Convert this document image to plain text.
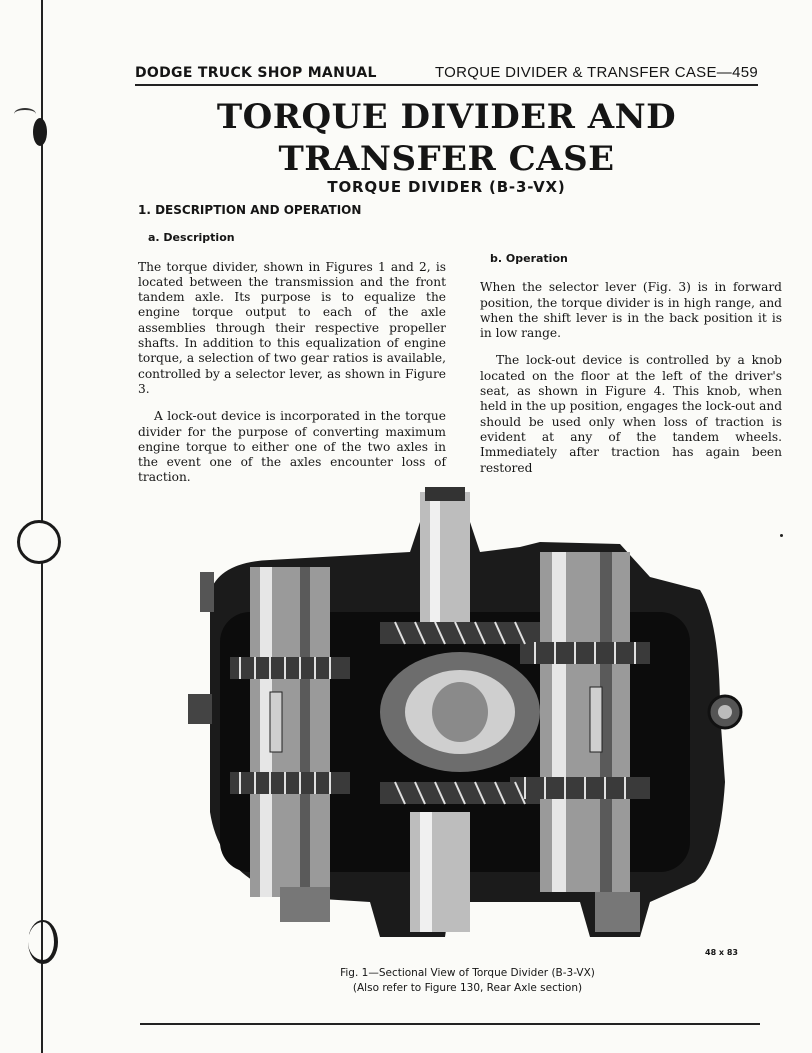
DODGE TRUCK SHOP MANUAL	TORQUE DIVIDER & TRANSFER CASE—459
TORQUE DIVIDER AND
TRANSFER CASE
TORQUE DIVIDER (B-3-VX)
1. DESCRIPTION AND OPERATION
a. Description

The torque divider, shown in Figures 1 and 2, is located between the transmission and the front tandem axle. Its purpose is to equalize the engine torque output to each of the axle assemblies through their respective propeller shafts. In addition to this equalization of engine torque, a selection of two gear ratios is available, controlled by a selector lever, as shown in Figure 3.

A lock-out device is incorporated in the torque divider for the purpose of converting maximum engine torque to either one of the two axles in the event one of the axles encounter loss of traction.

b. Operation

When the selector lever (Fig. 3) is in forward position, the torque divider is in high range, and when the shift lever is in the back position it is in low range.

The lock-out device is controlled by a knob located on the floor at the left of the driver's seat, as shown in Figure 4. This knob, when held in the up position, engages the lock-out and should be used only when loss of traction is evident at any of the tandem wheels. Immediately after traction has again been restored

48 x 83
Fig. 1—Sectional View of Torque Divider (B-3-VX)
(Also refer to Figure 130, Rear Axle section)
